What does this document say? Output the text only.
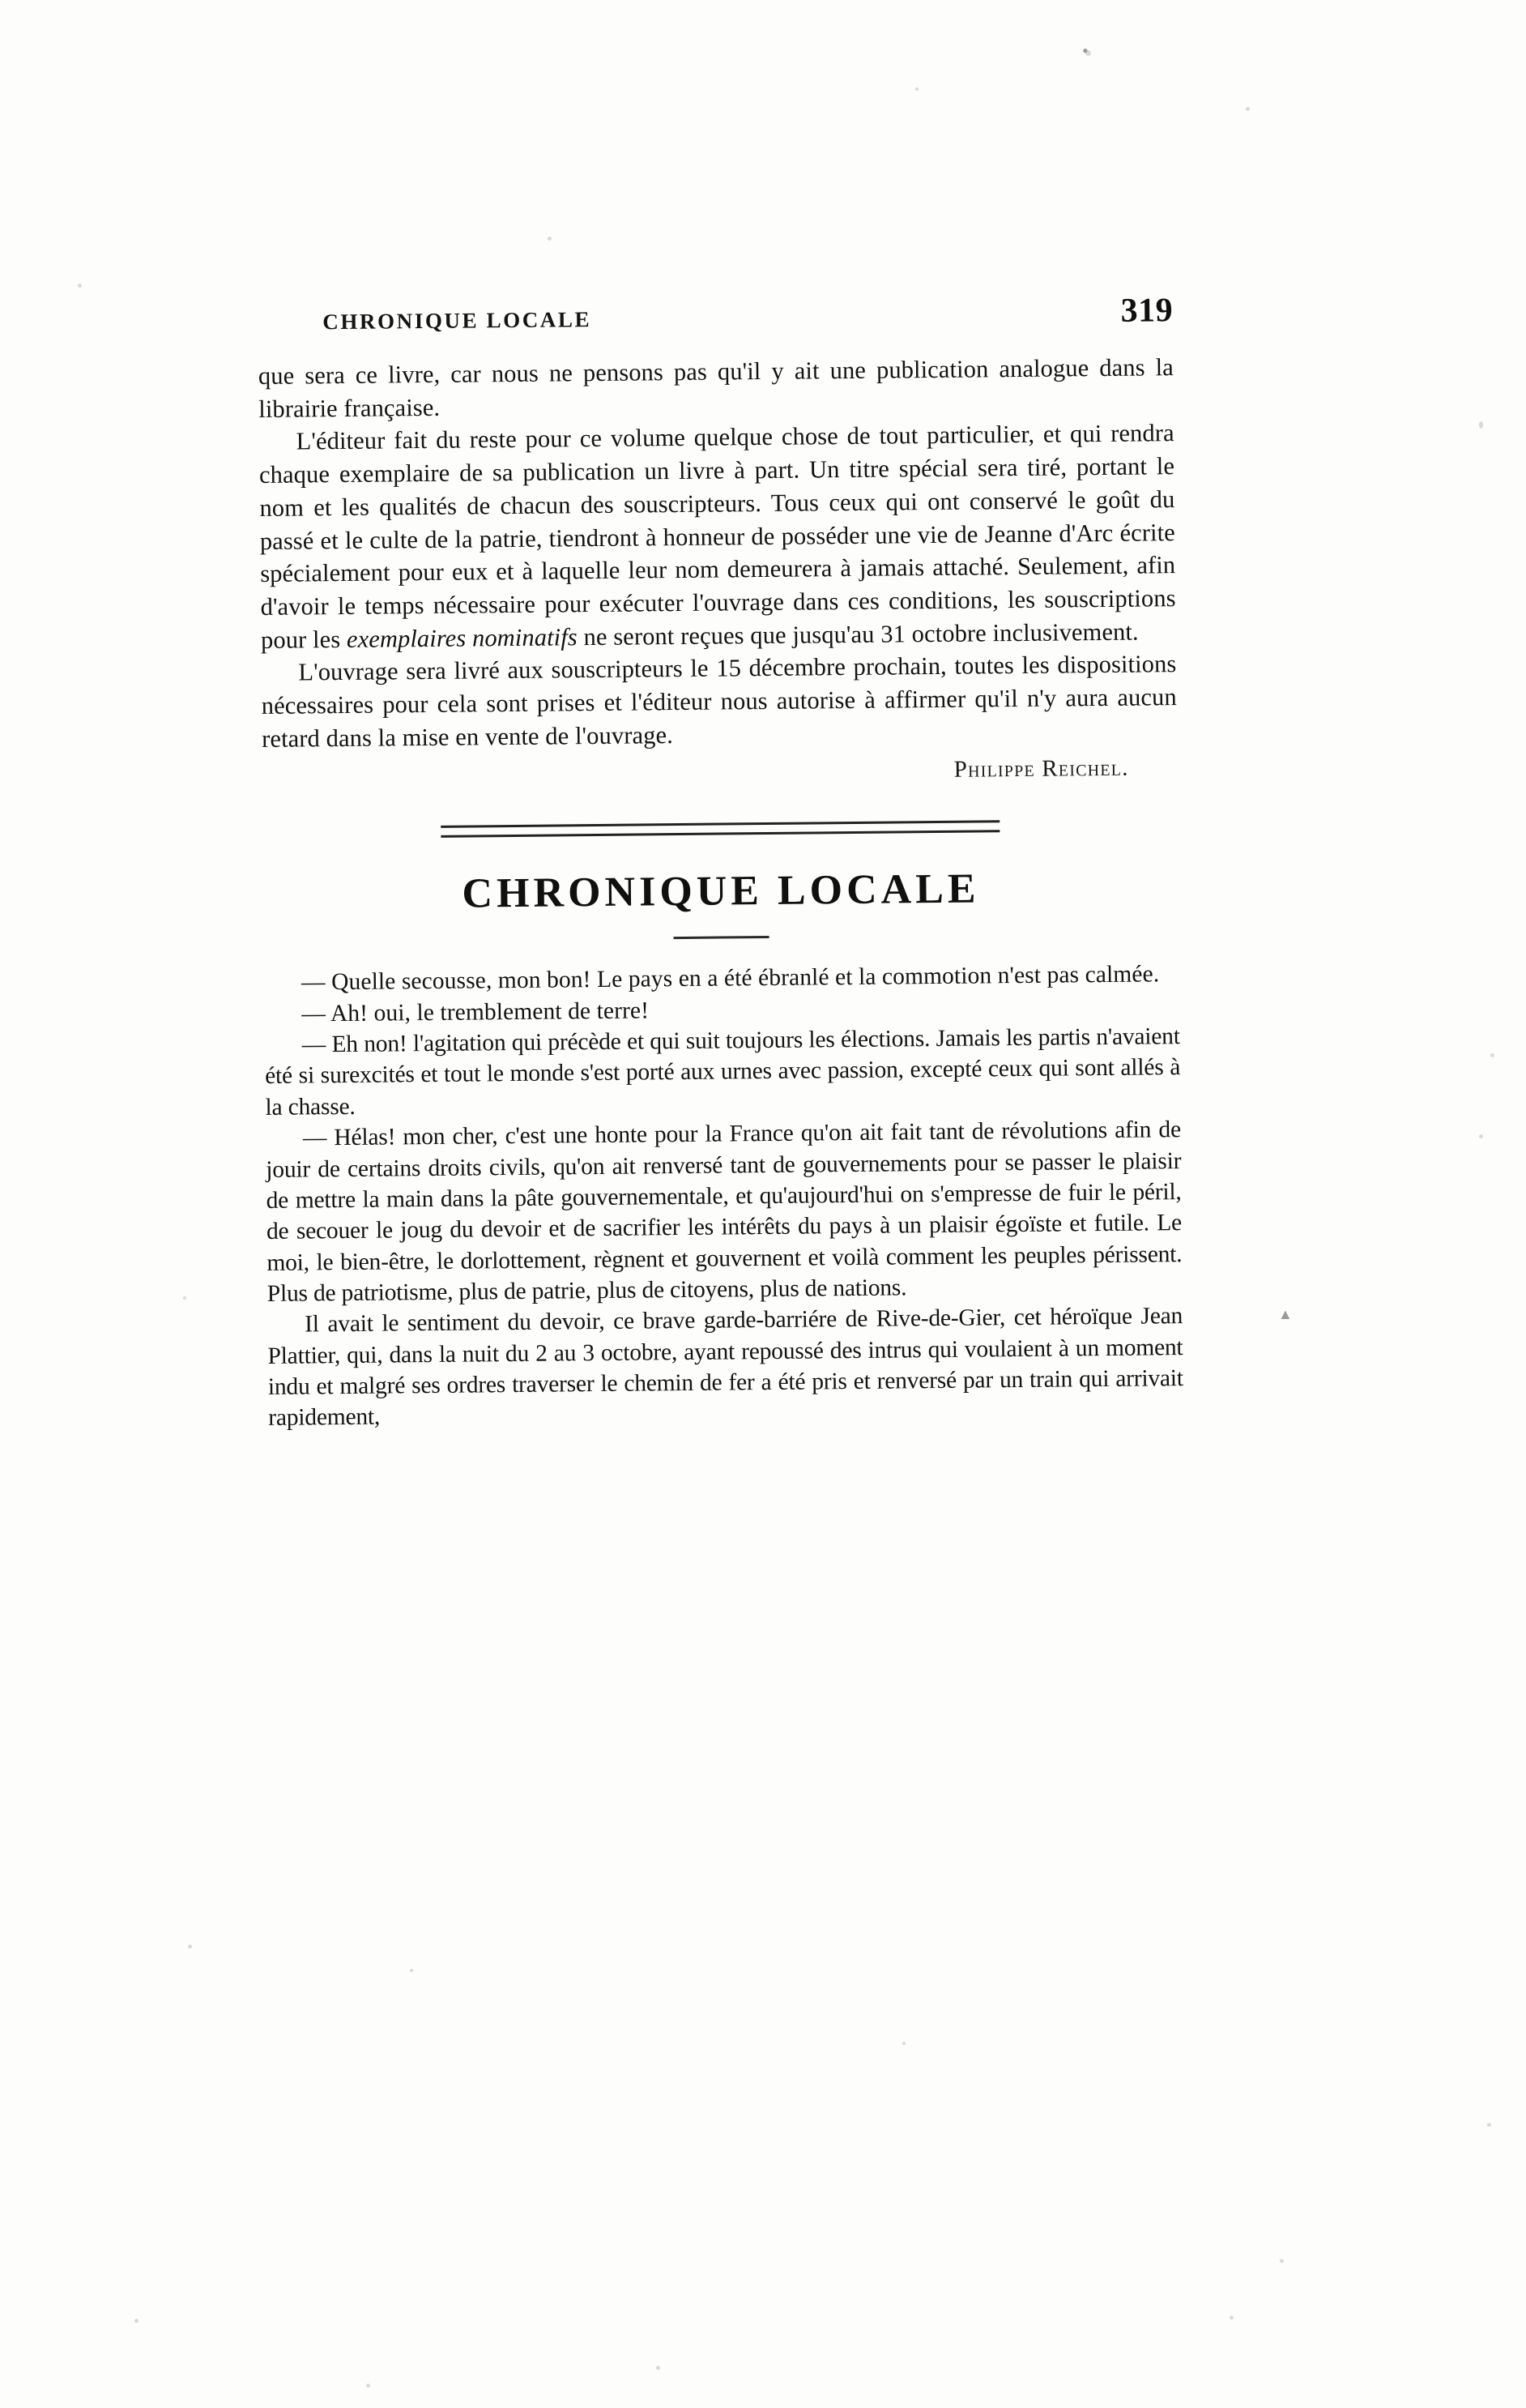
•
▲
CHRONIQUE LOCALE	319

que sera ce livre, car nous ne pensons pas qu'il y ait une publication analogue dans la librairie française.

L'éditeur fait du reste pour ce volume quelque chose de tout particulier, et qui rendra chaque exemplaire de sa publication un livre à part. Un titre spécial sera tiré, portant le nom et les qualités de chacun des souscripteurs. Tous ceux qui ont conservé le goût du passé et le culte de la patrie, tiendront à honneur de posséder une vie de Jeanne d'Arc écrite spécialement pour eux et à laquelle leur nom demeurera à jamais attaché. Seulement, afin d'avoir le temps nécessaire pour exécuter l'ouvrage dans ces conditions, les souscriptions pour les exemplaires nominatifs ne seront reçues que jusqu'au 31 octobre inclusivement.

L'ouvrage sera livré aux souscripteurs le 15 décembre prochain, toutes les dispositions nécessaires pour cela sont prises et l'éditeur nous autorise à affirmer qu'il n'y aura aucun retard dans la mise en vente de l'ouvrage.

Philippe Reichel.
CHRONIQUE LOCALE

— Quelle secousse, mon bon! Le pays en a été ébranlé et la commotion n'est pas calmée.

— Ah! oui, le tremblement de terre!

— Eh non! l'agitation qui précède et qui suit toujours les élections. Jamais les partis n'avaient été si surexcités et tout le monde s'est porté aux urnes avec passion, excepté ceux qui sont allés à la chasse.

— Hélas! mon cher, c'est une honte pour la France qu'on ait fait tant de révolutions afin de jouir de certains droits civils, qu'on ait renversé tant de gouvernements pour se passer le plaisir de mettre la main dans la pâte gouvernementale, et qu'aujourd'hui on s'empresse de fuir le péril, de secouer le joug du devoir et de sacrifier les intérêts du pays à un plaisir égoïste et futile. Le moi, le bien-être, le dorlottement, règnent et gouvernent et voilà comment les peuples périssent. Plus de patriotisme, plus de patrie, plus de citoyens, plus de nations.

Il avait le sentiment du devoir, ce brave garde-barriére de Rive-de-Gier, cet héroïque Jean Plattier, qui, dans la nuit du 2 au 3 octobre, ayant repoussé des intrus qui voulaient à un moment indu et malgré ses ordres traverser le chemin de fer a été pris et renversé par un train qui arrivait rapidement,
